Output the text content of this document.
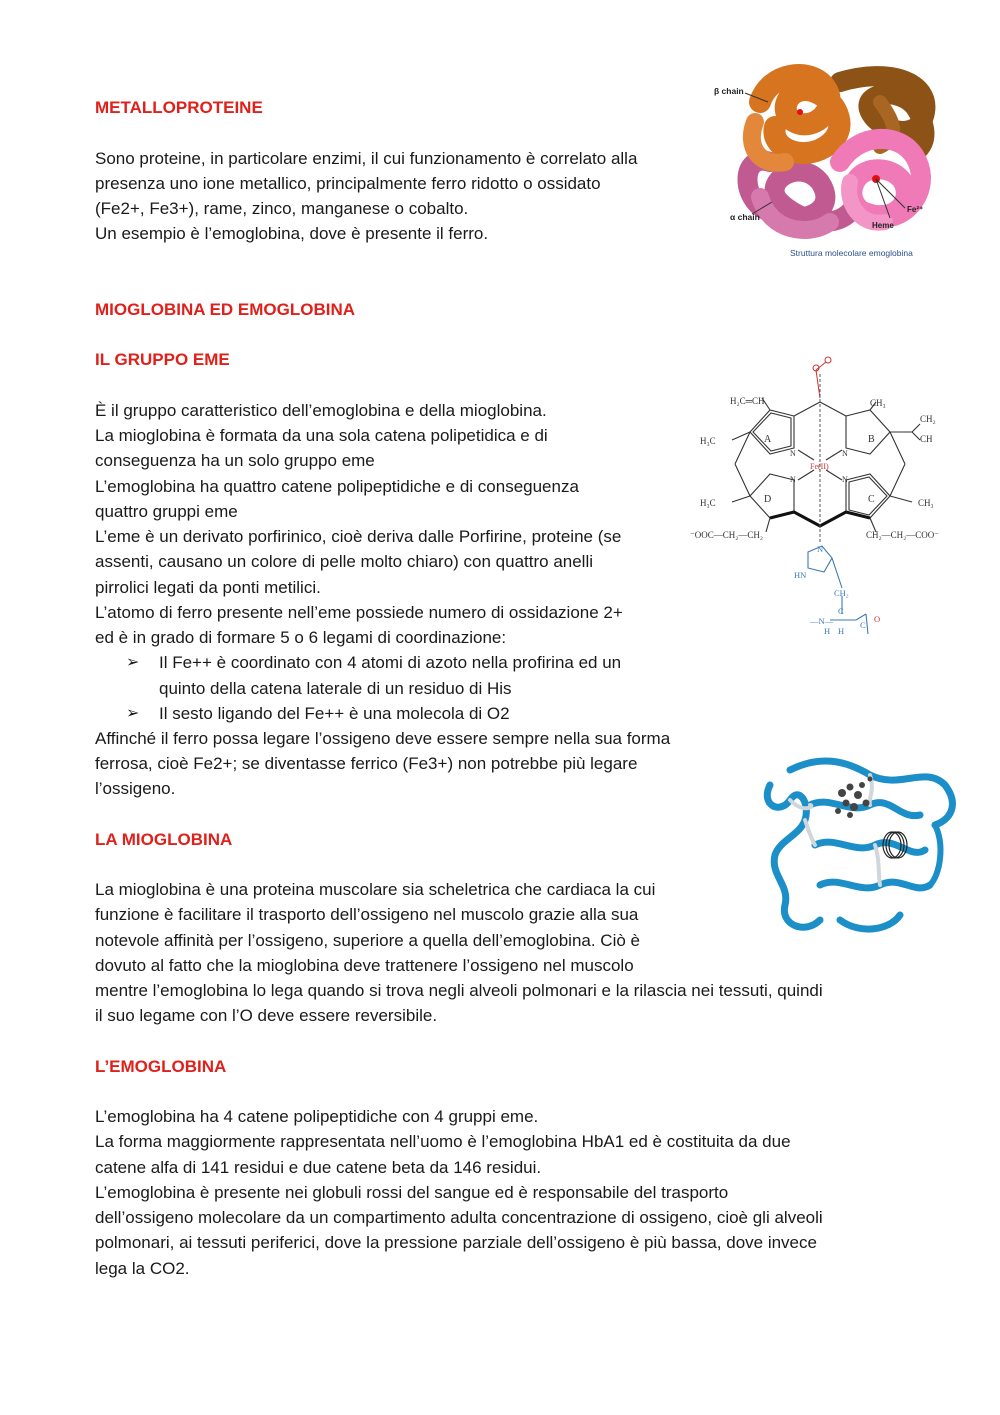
METALLOPROTEINE
Sono proteine, in particolare enzimi, il cui funzionamento è correlato alla
presenza uno ione metallico, principalmente ferro ridotto o ossidato
(Fe2+, Fe3+), rame, zinco, manganese o cobalto.
Un esempio è l’emoglobina, dove è presente il ferro.
β chain
α chain
Fe²⁺
Heme
Struttura molecolare emoglobina
MIOGLOBINA ED EMOGLOBINA
IL GRUPPO EME
È il gruppo caratteristico dell’emoglobina e della mioglobina.
La mioglobina è formata da una sola catena polipetidica e di
conseguenza ha un solo gruppo eme
L’emoglobina ha quattro catene polipeptidiche e di conseguenza
quattro gruppi eme
L’eme è un derivato porfirinico, cioè deriva dalle Porfirine, proteine (se
assenti, causano un colore di pelle molto chiaro) con quattro anelli
pirrolici legati da ponti metilici.
L’atomo di ferro presente nell’eme possiede numero di ossidazione 2+
ed è in grado di formare 5 o 6 legami di coordinazione:
➢ Il Fe++ è coordinato con 4 atomi di azoto nella profirina ed un
quinto della catena laterale di un residuo di His
➢ Il sesto ligando del Fe++ è una molecola di O2
Affinché il ferro possa legare l’ossigeno deve essere sempre nella sua forma
ferrosa, cioè Fe2+; se diventasse ferrico (Fe3+) non potrebbe più legare
l’ossigeno.
H₂C═CH	CH₃
CH₂
CH
H₃C
H₃C	CH₃
⁻OOC—CH₂—CH₂	CH₂—CH₂—COO⁻
A	B
C
D
N	N
N	N
Fe(II)
N
HN
CH₂
—N—
H
C
H
C
O
LA MIOGLOBINA
La mioglobina è una proteina muscolare sia scheletrica che cardiaca la cui
funzione è facilitare il trasporto dell’ossigeno nel muscolo grazie alla sua
notevole affinità per l’ossigeno, superiore a quella dell’emoglobina. Ciò è
dovuto al fatto che la mioglobina deve trattenere l’ossigeno nel muscolo
mentre l’emoglobina lo lega quando si trova negli alveoli polmonari e la rilascia nei tessuti, quindi
il suo legame con l’O deve essere reversibile.
L’EMOGLOBINA
L’emoglobina ha 4 catene polipeptidiche con 4 gruppi eme.
La forma maggiormente rappresentata nell’uomo è l’emoglobina HbA1 ed è costituita da due
catene alfa di 141 residui e due catene beta da 146 residui.
L’emoglobina è presente nei globuli rossi del sangue ed è responsabile del trasporto
dell’ossigeno molecolare da un compartimento adulta concentrazione di ossigeno, cioè gli alveoli
polmonari, ai tessuti periferici, dove la pressione parziale dell’ossigeno è più bassa, dove invece
lega la CO2.
